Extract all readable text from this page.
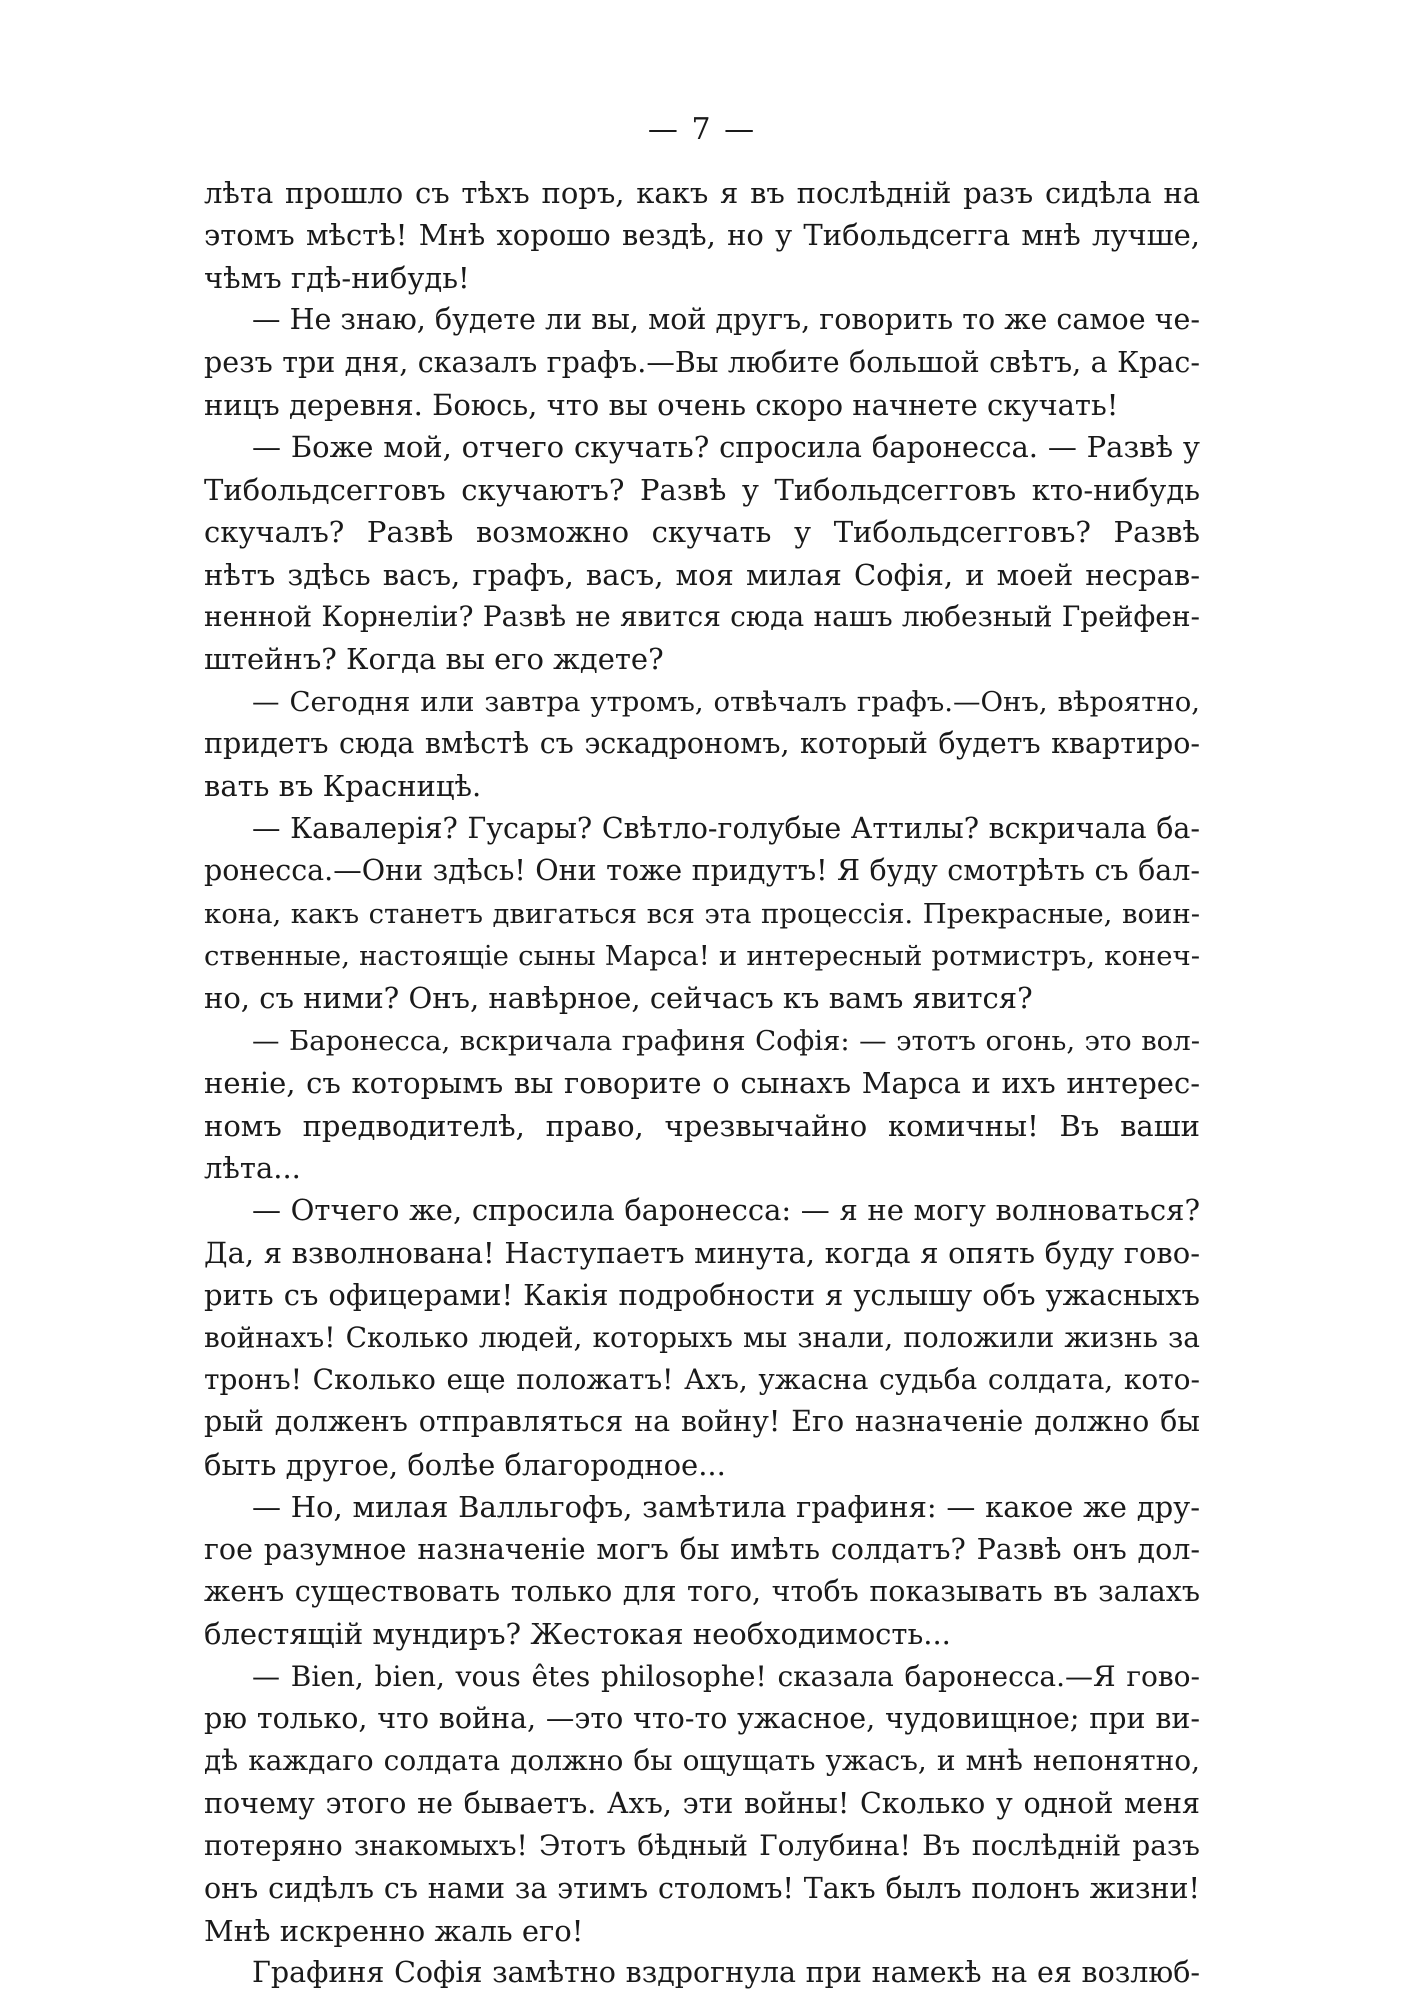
— 7 —
лѣта прошло съ тѣхъ поръ, какъ я въ послѣдній разъ сидѣла на
этомъ мѣстѣ! Мнѣ хорошо вездѣ, но у Тибольдсегга мнѣ лучше,
чѣмъ гдѣ-нибудь!
— Не знаю, будете ли вы, мой другъ, говорить то же самое че-
резъ три дня, сказалъ графъ.—Вы любите большой свѣтъ, а Крас-
ницъ деревня. Боюсь, что вы очень скоро начнете скучать!
— Боже мой, отчего скучать? спросила баронесса. — Развѣ у
Тибольдсегговъ скучаютъ? Развѣ у Тибольдсегговъ кто-нибудь
скучалъ? Развѣ возможно скучать у Тибольдсегговъ? Развѣ
нѣтъ здѣсь васъ, графъ, васъ, моя милая Софія, и моей несрав-
ненной Корнеліи? Развѣ не явится сюда нашъ любезный Грейфен-
штейнъ? Когда вы его ждете?
— Сегодня или завтра утромъ, отвѣчалъ графъ.—Онъ, вѣроятно,
придетъ сюда вмѣстѣ съ эскадрономъ, который будетъ квартиро-
вать въ Красницѣ.
— Кавалерія? Гусары? Свѣтло-голубые Аттилы? вскричала ба-
ронесса.—Они здѣсь! Они тоже придутъ! Я буду смотрѣть съ бал-
кона, какъ станетъ двигаться вся эта процессія. Прекрасные, воин-
ственные, настоящіе сыны Марса! и интересный ротмистръ, конеч-
но, съ ними? Онъ, навѣрное, сейчасъ къ вамъ явится?
— Баронесса, вскричала графиня Софія: — этотъ огонь, это вол-
неніе, съ которымъ вы говорите о сынахъ Марса и ихъ интерес-
номъ предводителѣ, право, чрезвычайно комичны! Въ ваши
лѣта...
— Отчего же, спросила баронесса: — я не могу волноваться?
Да, я взволнована! Наступаетъ минута, когда я опять буду гово-
рить съ офицерами! Какія подробности я услышу объ ужасныхъ
войнахъ! Сколько людей, которыхъ мы знали, положили жизнь за
тронъ! Сколько еще положатъ! Ахъ, ужасна судьба солдата, кото-
рый долженъ отправляться на войну! Его назначеніе должно бы
быть другое, болѣе благородное...
— Но, милая Валльгофъ, замѣтила графиня: — какое же дру-
гое разумное назначеніе могъ бы имѣть солдатъ? Развѣ онъ дол-
женъ существовать только для того, чтобъ показывать въ залахъ
блестящій мундиръ? Жестокая необходимость...
— Bien, bien, vous êtes philosophe! сказала баронесса.—Я гово-
рю только, что война, —это что-то ужасное, чудовищное; при ви-
дѣ каждаго солдата должно бы ощущать ужасъ, и мнѣ непонятно,
почему этого не бываетъ. Ахъ, эти войны! Сколько у одной меня
потеряно знакомыхъ! Этотъ бѣдный Голубина! Въ послѣдній разъ
онъ сидѣлъ съ нами за этимъ столомъ! Такъ былъ полонъ жизни!
Мнѣ искренно жаль его!
Графиня Софія замѣтно вздрогнула при намекѣ на ея возлюб-
